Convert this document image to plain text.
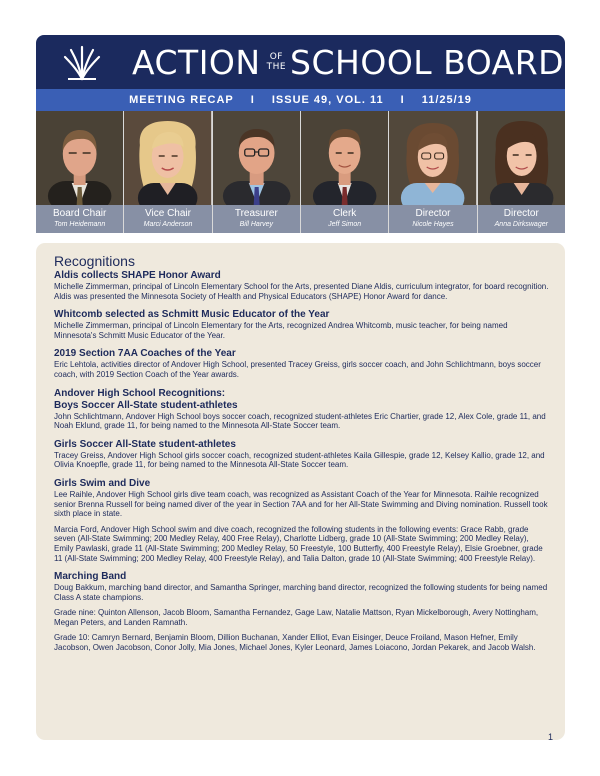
ACTION	OF
THE SCHOOL BOARD
MEETING RECAP I ISSUE 49, VOL. 11 I 11/25/19
Board Chair
Tom Heidemann
Vice Chair
Marci Anderson
Treasurer
Bill Harvey
Clerk
Jeff Simon
Director
Nicole Hayes
Director
Anna Dirkswager
Recognitions
Aldis collects SHAPE Honor Award
Michelle Zimmerman, principal of Lincoln Elementary School for the Arts, presented Diane Aldis, curriculum integrator, for board recognition. Aldis was presented the Minnesota Society of Health and Physical Educators (SHAPE) Honor Award for dance.
Whitcomb selected as Schmitt Music Educator of the Year
Michelle Zimmerman, principal of Lincoln Elementary for the Arts, recognized Andrea Whitcomb, music teacher, for being named Minnesota's Schmitt Music Educator of the Year.
2019 Section 7AA Coaches of the Year
Eric Lehtola, activities director of Andover High School, presented Tracey Greiss, girls soccer coach, and John Schlichtmann, boys soccer coach, with 2019 Section Coach of the Year awards.
Andover High School Recognitions:
Boys Soccer All-State student-athletes
John Schlichtmann, Andover High School boys soccer coach, recognized student-athletes Eric Chartier, grade 12, Alex Cole, grade 11, and Noah Eklund, grade 11, for being named to the Minnesota All-State Soccer team.
Girls Soccer All-State student-athletes
Tracey Greiss, Andover High School girls soccer coach, recognized student-athletes Kaila Gillespie, grade 12, Kelsey Kallio, grade 12, and Olivia Knoepfle, grade 11, for being named to the Minnesota All-State Soccer team.
Girls Swim and Dive
Lee Raihle, Andover High School girls dive team coach, was recognized as Assistant Coach of the Year for Minnesota. Raihle recognized senior Brenna Russell for being named diver of the year in Section 7AA and for her All-State Swimming and Diving nomination. Russell took sixth place in state.
Marcia Ford, Andover High School swim and dive coach, recognized the following students in the following events: Grace Rabb, grade seven (All-State Swimming; 200 Medley Relay, 400 Free Relay), Charlotte Lidberg, grade 10 (All-State Swimming; 200 Medley Relay), Emily Pawlaski, grade 11 (All-State Swimming; 200 Medley Relay, 50 Freestyle, 100 Butterfly, 400 Freestyle Relay), Elsie Groebner, grade 11 (All-State Swimming; 200 Medley Relay, 400 Freestyle Relay), and Talia Dalton, grade 10 (All-State Swimming; 400 Freestyle Relay).
Marching Band
Doug Bakkum, marching band director, and Samantha Springer, marching band director, recognized the following students for being named Class A state champions.
Grade nine: Quinton Allenson, Jacob Bloom, Samantha Fernandez, Gage Law, Natalie Mattson, Ryan Mickelborough, Avery Nottingham, Megan Peters, and Landen Ramnath.
Grade 10: Camryn Bernard, Benjamin Bloom, Dillion Buchanan, Xander Elliot, Evan Eisinger, Deuce Froiland, Mason Hefner, Emily Jacobson, Owen Jacobson, Conor Jolly, Mia Jones, Michael Jones, Kyler Leonard, James Loiacono, Jordan Pekarek, and Jacob Walsh.
1
